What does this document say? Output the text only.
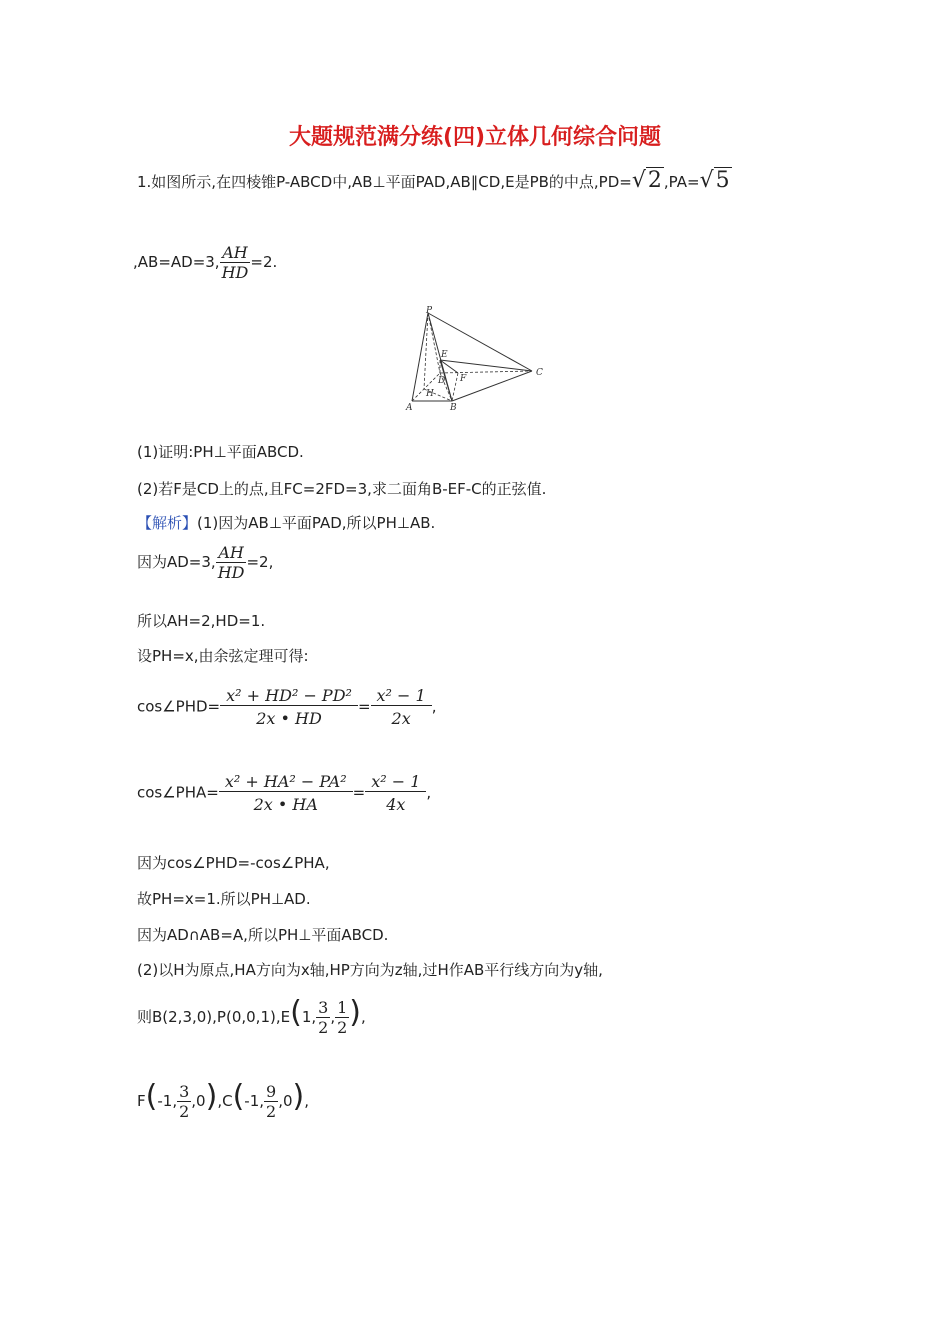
大题规范满分练(四)立体几何综合问题
1.如图所示,在四棱锥P-ABCD中,AB⊥平面PAD,AB∥CD,E是PB的中点,PD=√2 ,PA=√5
,AB=AD=3, $\frac{AH}{HD} =2$.
P
E
C
D F
H
A	B
(1)证明:PH⊥平面ABCD.
(2)若F是CD上的点,且FC=2FD=3,求二面角B-EF-C的正弦值.
【解析】(1)因为AB⊥平面PAD,所以PH⊥AB.
因为AD=3, $\frac{AH}{HD} =2$,
所以AH=2,HD=1.
设PH=x,由余弦定理可得:
cos∠PHD= $\frac{\text{x² + HD² − PD²}}{2x • HD} = \frac{\text{x² − 1}}{2x}$ ,
cos∠PHA= $\frac{\text{x² + HA² − PA²}}{2x • HA} = \frac{\text{x² − 1}}{4x}$ ,
因为cos∠PHD=-cos∠PHA,
故PH=x=1.所以PH⊥AD.
因为AD∩AB=A,所以PH⊥平面ABCD.
(2)以H为原点,HA方向为x轴,HP方向为z轴,过H作AB平行线方向为y轴,
则B(2,3,0),P(0,0,1),E(1, $\frac{3}{2}$ , $\frac{1}{2}$ ),
F(-1, $\frac{3}{2} ,0),C(-1$, $\frac{9}{2} ,0$),
